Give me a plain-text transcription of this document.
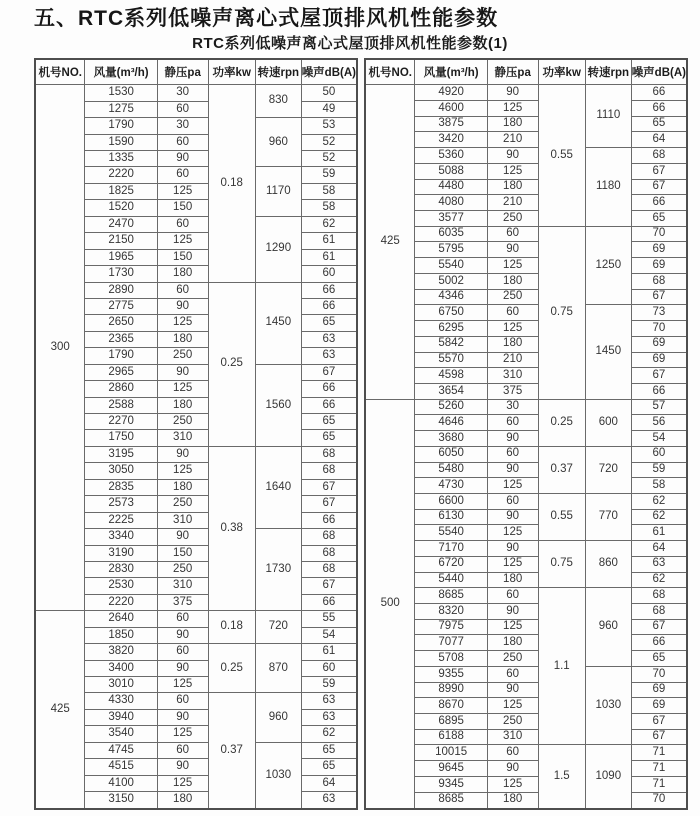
五、RTC系列低噪声离心式屋顶排风机性能参数
RTC系列低噪声离心式屋顶排风机性能参数(1)
机号NO.	风量(m³/h)	静压pa	功率kw	转速rpn	噪声dB(A)
300	1530	30	0.18	830	50
	1275	60			49
	1790	30		960	53
	1590	60			52
	1335	90			52
	2220	60		1170	59
	1825	125			58
	1520	150			58
	2470	60		1290	62
	2150	125			61
	1965	150			61
	1730	180			60
	2890	60	0.25	1450	66
	2775	90			66
	2650	125			65
	2365	180			63
	1790	250			63
	2965	90		1560	67
	2860	125			66
	2588	180			66
	2270	250			65
	1750	310			65
	3195	90	0.38	1640	68
	3050	125			68
	2835	180			67
	2573	250			67
	2225	310			66
	3340	90		1730	68
	3190	150			68
	2830	250			68
	2530	310			67
	2220	375			66
425	2640	60	0.18	720	55
	1850	90			54
	3820	60	0.25	870	61
	3400	90			60
	3010	125			59
	4330	60	0.37	960	63
	3940	90			63
	3540	125			62
	4745	60		1030	65
	4515	90			65
	4100	125			64
	3150	180			63
机号NO.	风量(m³/h)	静压pa	功率kw	转速rpn	噪声dB(A)
425	4920	90	0.55	1110	66
	4600	125			66
	3875	180			65
	3420	210			64
	5360	90		1180	68
	5088	125			67
	4480	180			67
	4080	210			66
	3577	250			65
	6035	60	0.75	1250	70
	5795	90			69
	5540	125			69
	5002	180			68
	4346	250			67
	6750	60		1450	73
	6295	125			70
	5842	180			69
	5570	210			69
	4598	310			67
	3654	375			66
500	5260	30	0.25	600	57
	4646	60			56
	3680	90			54
	6050	60	0.37	720	60
	5480	90			59
	4730	125			58
	6600	60	0.55	770	62
	6130	90			62
	5540	125			61
	7170	90	0.75	860	64
	6720	125			63
	5440	180			62
	8685	60	1.1	960	68
	8320	90			68
	7975	125			67
	7077	180			66
	5708	250			65
	9355	60		1030	70
	8990	90			69
	8670	125			69
	6895	250			67
	6188	310			67
	10015	60	1.5	1090	71
	9645	90			71
	9345	125			71
	8685	180			70
